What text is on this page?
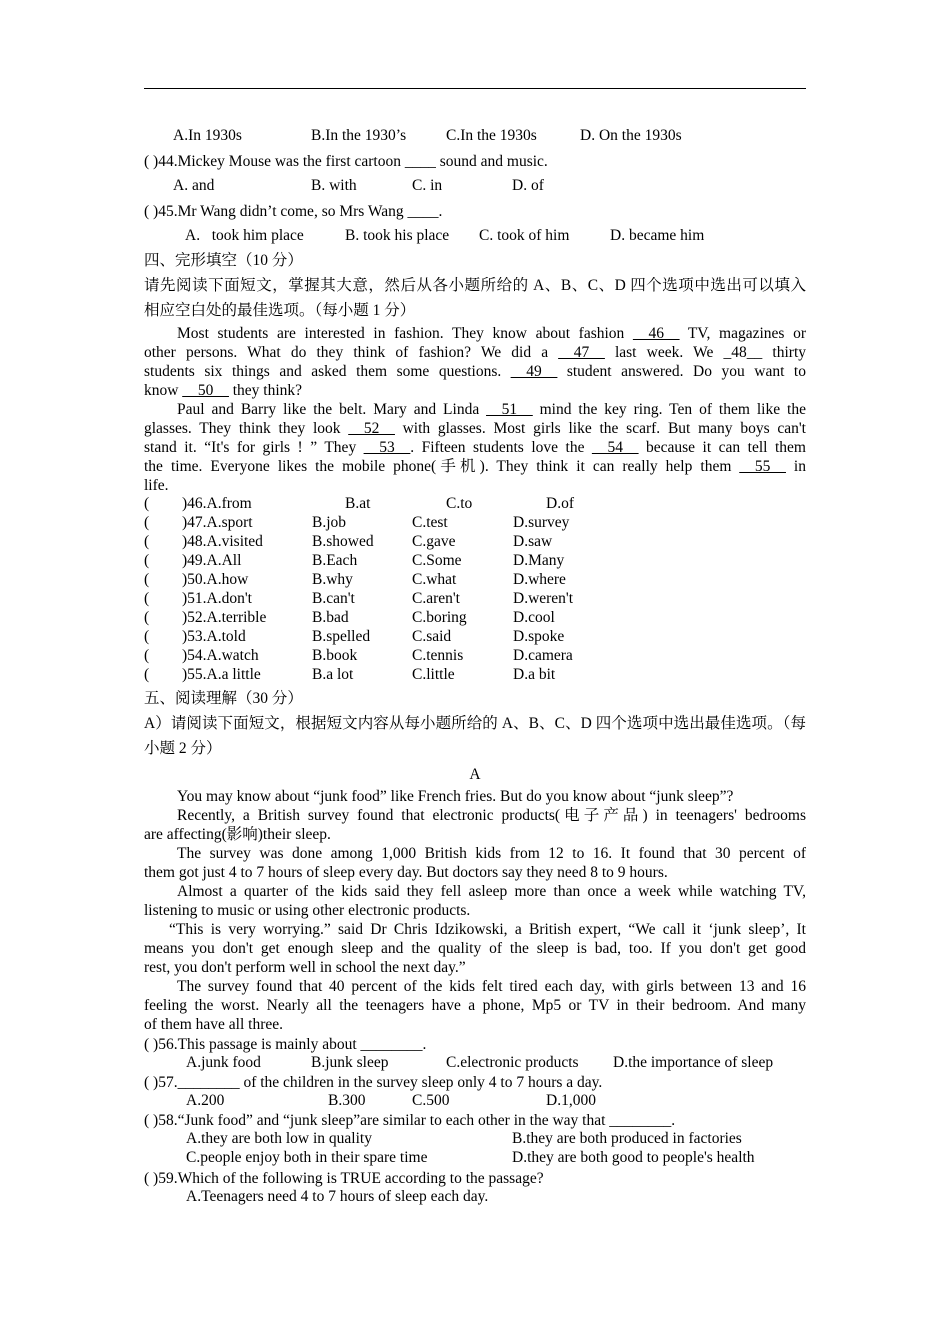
A.In 1930s	B.In the 1930’s	C.In the 1930s	D. On the 1930s
( )44.Mickey Mouse was the first cartoon ____ sound and music.
A. and	B. with	C. in	D. of
( )45.Mr Wang didn’t come, so Mrs Wang ____.
A.   took him place	B. took his place C. took of him	D. became him
四、完形填空（10 分）
请先阅读下面短文，掌握其大意，然后从各小题所给的 A、B、C、D 四个选项中选出可以填入
相应空白处的最佳选项。（每小题 1 分）
Most students are interested in fashion. They know about fashion __46__ TV, magazines or
other persons. What do they think of fashion? We did a __47__ last week. We _48__ thirty
students six things and asked them some questions. __49__ student answered. Do you want to
know __50__ they think?
Paul and Barry like the belt. Mary and Linda __51__ mind the key ring. Ten of them like the
glasses. They think they look __52__ with glasses. Most girls like the scarf. But many boys can't
stand it. “It's for girls ! ” They __53__. Fifteen students love the __54__ because it can tell them
the time. Everyone likes the mobile phone(手机). They think it can really help them __55__ in
life.
( )46.A.from	B.at	C.to	D.of
( )47.A.sport	B.job	C.test	D.survey
( )48.A.visited	B.showed C.gave	D.saw
( )49.A.All	B.Each	C.Some	D.Many
( )50.A.how	B.why	C.what	D.where
( )51.A.don't	B.can't	C.aren't	D.weren't
( )52.A.terrible	B.bad	C.boring	D.cool
( )53.A.told	B.spelled	C.said	D.spoke
( )54.A.watch	B.book	C.tennis	D.camera
( )55.A.a little	B.a lot	C.little	D.a bit
五、阅读理解（30 分）
A）请阅读下面短文，根据短文内容从每小题所给的 A、B、C、D 四个选项中选出最佳选项。（每
小题 2 分）
A
You may know about “junk food” like French fries. But do you know about “junk sleep”?
Recently, a British survey found that electronic products(电子产品) in teenagers' bedrooms
are affecting(影响)their sleep.
The survey was done among 1,000 British kids from 12 to 16. It found that 30 percent of
them got just 4 to 7 hours of sleep every day. But doctors say they need 8 to 9 hours.
Almost a quarter of the kids said they fell asleep more than once a week while watching TV,
listening to music or using other electronic products.
“This is very worrying.” said Dr Chris Idzikowski, a British expert, “We call it ‘junk sleep’, It
means you don't get enough sleep and the quality of the sleep is bad, too. If you don't get good
rest, you don't perform well in school the next day.”
The survey found that 40 percent of the kids felt tired each day, with girls between 13 and 16
feeling the worst. Nearly all the teenagers have a phone, Mp5 or TV in their bedroom. And many
of them have all three.
( )56.This passage is mainly about ________.
A.junk food	B.junk sleep	C.electronic products D.the importance of sleep
( )57.________ of the children in the survey sleep only 4 to 7 hours a day.
A.200	B.300	C.500	D.1,000
( )58.“Junk food” and “junk sleep”are similar to each other in the way that ________.
A.they are both low in quality	B.they are both produced in factories
C.people enjoy both in their spare time	D.they are both good to people's health
( )59.Which of the following is TRUE according to the passage?
A.Teenagers need 4 to 7 hours of sleep each day.
